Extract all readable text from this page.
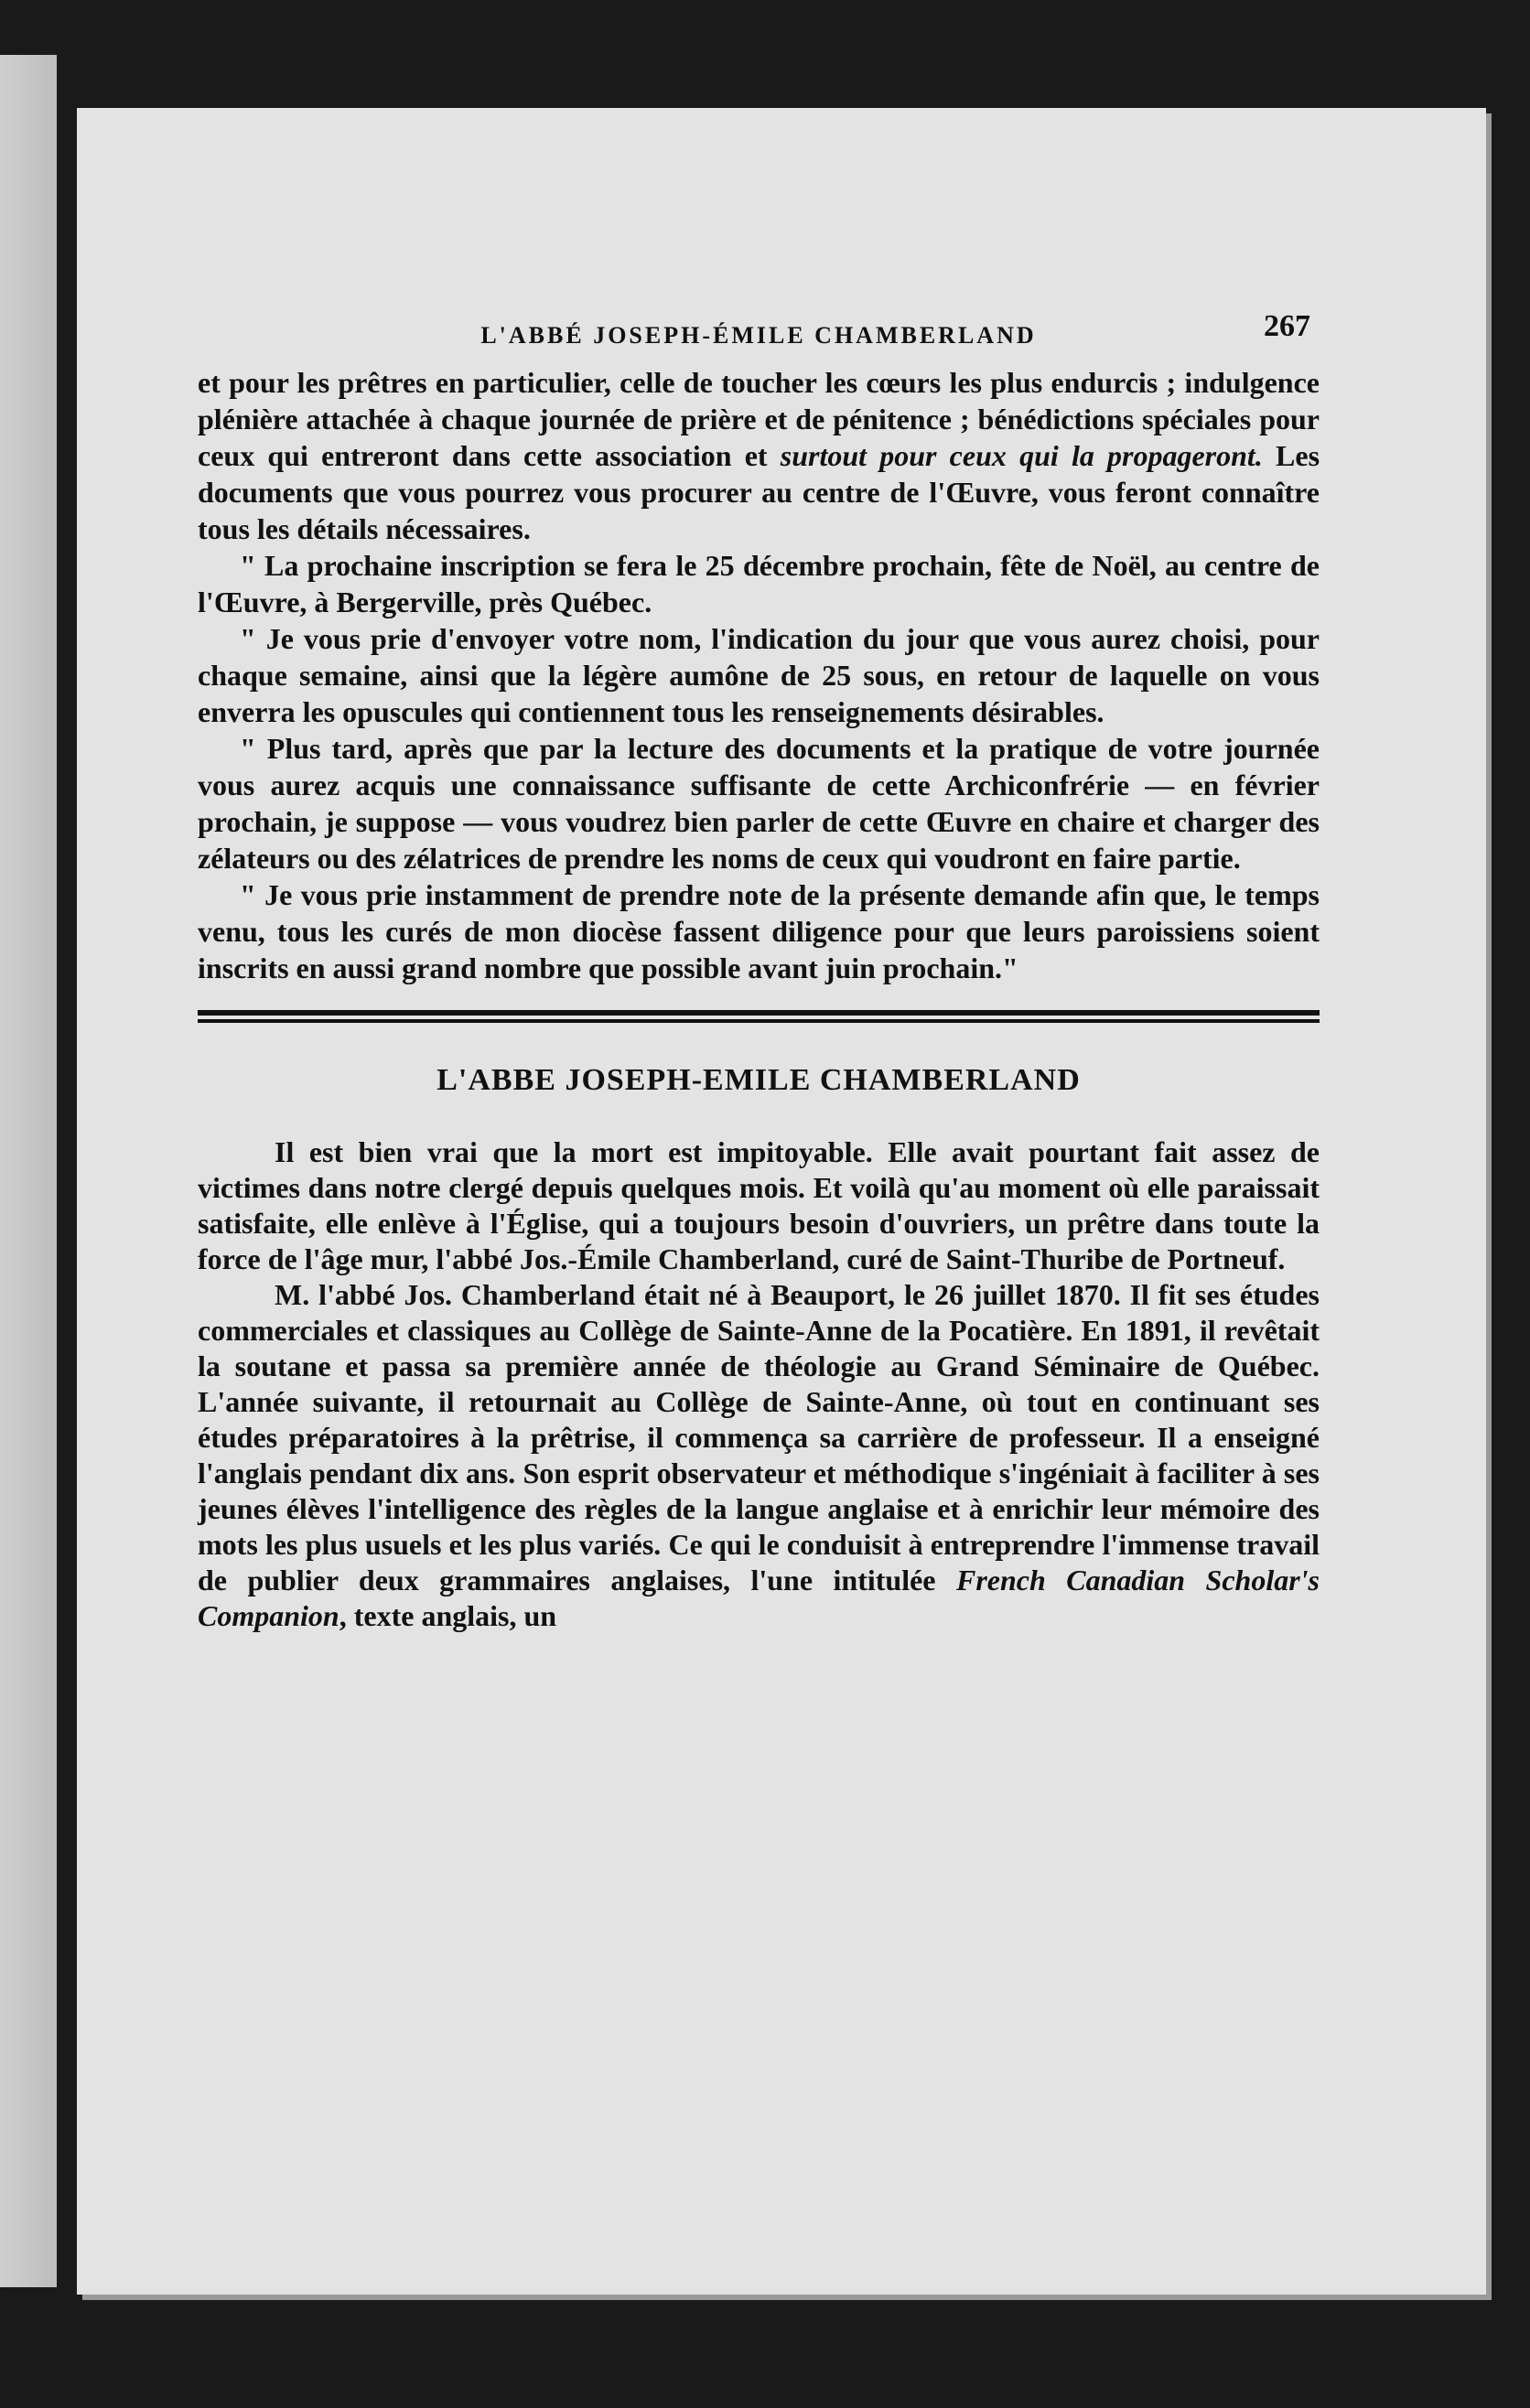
L'ABBÉ JOSEPH-ÉMILE CHAMBERLAND	267

et pour les prêtres en particulier, celle de toucher les cœurs les plus endurcis ; indulgence plénière attachée à chaque journée de prière et de pénitence ; bénédictions spéciales pour ceux qui entreront dans cette association et surtout pour ceux qui la propageront. Les documents que vous pourrez vous procurer au centre de l'Œuvre, vous feront connaître tous les détails nécessaires.

" La prochaine inscription se fera le 25 décembre prochain, fête de Noël, au centre de l'Œuvre, à Bergerville, près Québec.

" Je vous prie d'envoyer votre nom, l'indication du jour que vous aurez choisi, pour chaque semaine, ainsi que la légère aumône de 25 sous, en retour de laquelle on vous enverra les opuscules qui contiennent tous les renseignements désirables.

" Plus tard, après que par la lecture des documents et la pratique de votre journée vous aurez acquis une connaissance suffisante de cette Archiconfrérie — en février prochain, je suppose — vous voudrez bien parler de cette Œuvre en chaire et charger des zélateurs ou des zélatrices de prendre les noms de ceux qui voudront en faire partie.

" Je vous prie instamment de prendre note de la présente demande afin que, le temps venu, tous les curés de mon diocèse fassent diligence pour que leurs paroissiens soient inscrits en aussi grand nombre que possible avant juin prochain."

L'ABBE JOSEPH-EMILE CHAMBERLAND

Il est bien vrai que la mort est impitoyable. Elle avait pourtant fait assez de victimes dans notre clergé depuis quelques mois. Et voilà qu'au moment où elle paraissait satisfaite, elle enlève à l'Église, qui a toujours besoin d'ouvriers, un prêtre dans toute la force de l'âge mur, l'abbé Jos.-Émile Chamberland, curé de Saint-Thuribe de Portneuf.

M. l'abbé Jos. Chamberland était né à Beauport, le 26 juillet 1870. Il fit ses études commerciales et classiques au Collège de Sainte-Anne de la Pocatière. En 1891, il revêtait la soutane et passa sa première année de théologie au Grand Séminaire de Québec. L'année suivante, il retournait au Collège de Sainte-Anne, où tout en continuant ses études préparatoires à la prêtrise, il commença sa carrière de professeur. Il a enseigné l'anglais pendant dix ans. Son esprit observateur et méthodique s'ingéniait à faciliter à ses jeunes élèves l'intelligence des règles de la langue anglaise et à enrichir leur mémoire des mots les plus usuels et les plus variés. Ce qui le conduisit à entreprendre l'immense travail de publier deux grammaires anglaises, l'une intitulée French Canadian Scholar's Companion, texte anglais, un
